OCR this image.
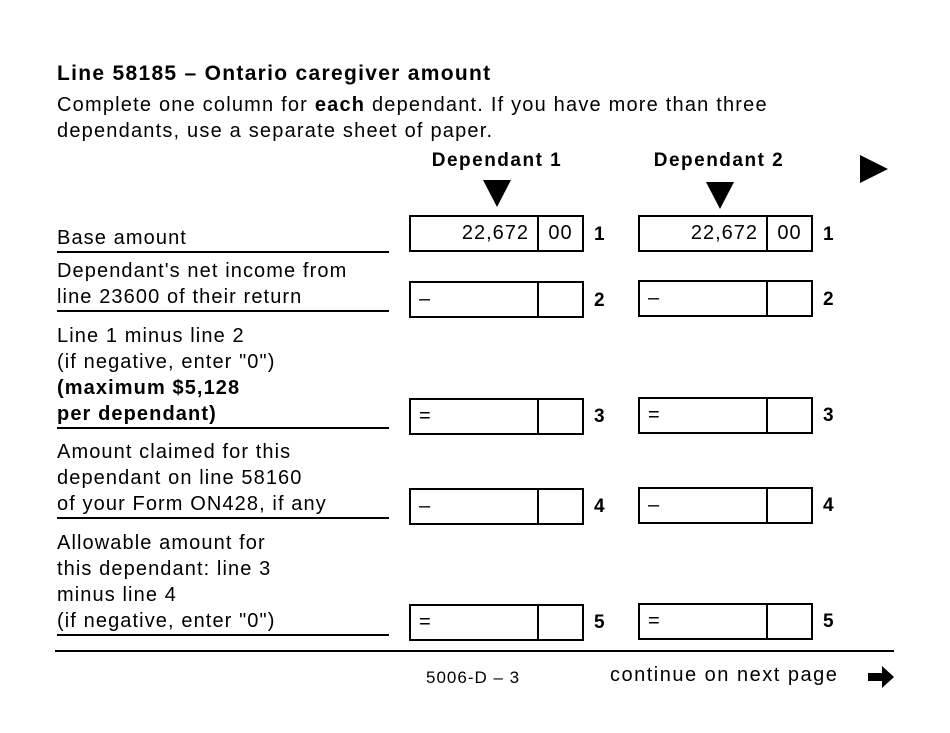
Line 58185 – Ontario caregiver amount
Complete one column for each dependant. If you have more than three
dependants, use a separate sheet of paper.
Dependant 1	Dependant 2
Base amount	22,672 00	1	22,672 00	1
Dependant's net income from
line 23600 of their return	–	2	–	2
Line 1 minus line 2
(if negative, enter "0")
(maximum $5,128
per dependant)	=	3	=	3
Amount claimed for this
dependant on line 58160
of your Form ON428, if any	–	4	–	4
Allowable amount for
this dependant: line 3
minus line 4
(if negative, enter "0")	=	5	=	5
5006-D – 3	continue on next page
